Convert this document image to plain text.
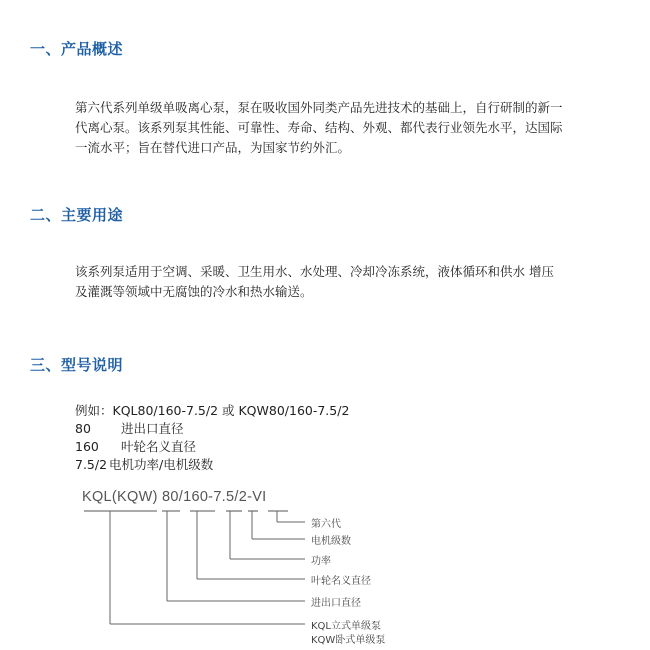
一、产品概述

第六代系列单级单吸离心泵，泵在吸收国外同类产品先进技术的基础上，自行研制的新一

代离心泵。该系列泵其性能、可靠性、寿命、结构、外观、都代表行业领先水平，达国际

一流水平；旨在替代进口产品，为国家节约外汇。

二、主要用途

该系列泵适用于空调、采暖、卫生用水、水处理、冷却冷冻系统，液体循环和供水 增压

及灌溉等领域中无腐蚀的冷水和热水输送。

三、型号说明
例如：KQL80/160-7.5/2 或 KQW80/160-7.5/2
80 进出口直径
160 叶轮名义直径
7.5/2 电机功率/电机级数
KQL(KQW) 80/160-7.5/2-VI
第六代
电机级数
功率
叶轮名义直径
进出口直径
KQL立式单级泵
KQW卧式单级泵
